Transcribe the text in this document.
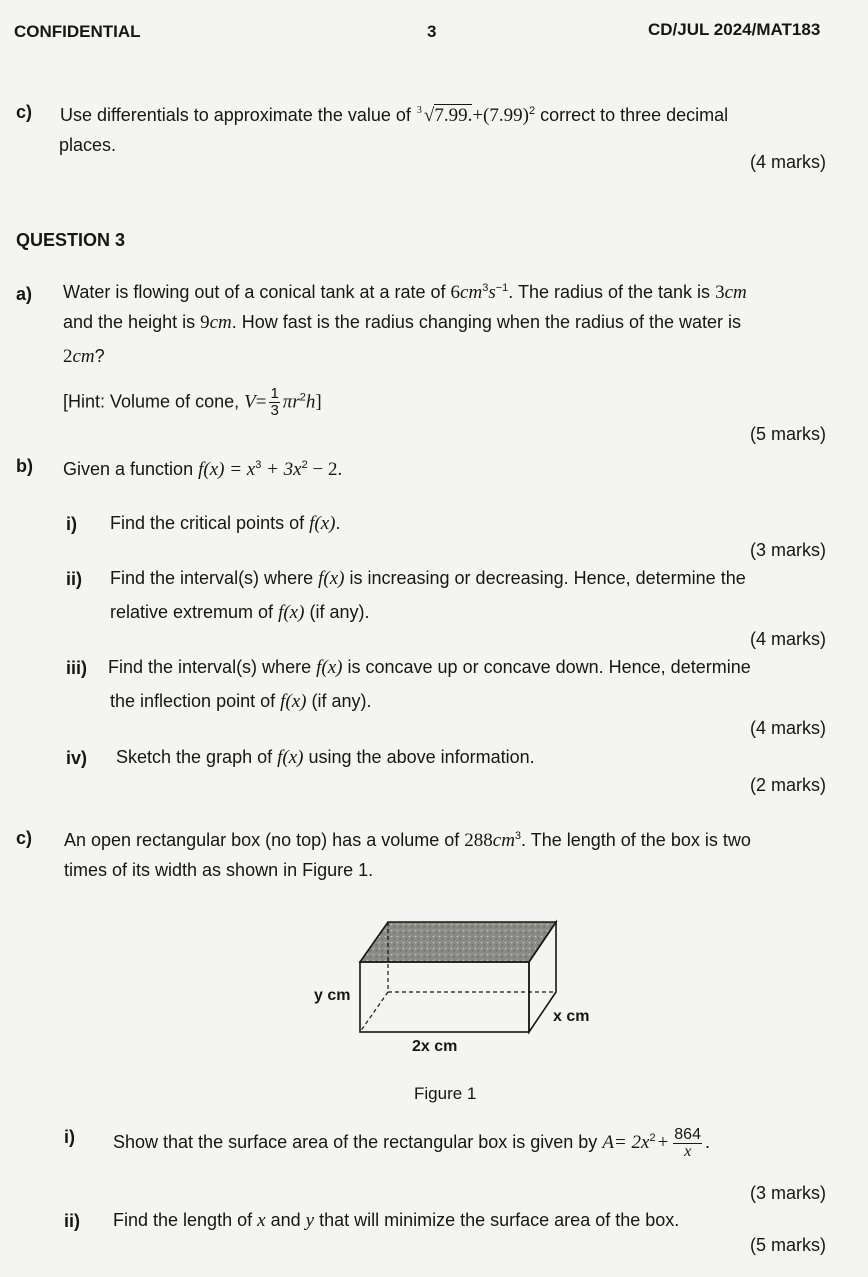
CONFIDENTIAL	3	CD/JUL 2024/MAT183
c) Use differentials to approximate the value of 3 $√7.99.+(7.99)^2$ correct to three decimal
places.
(4 marks)
QUESTION 3
a) Water is flowing out of a conical tank at a rate of $6cm^3s^{-1}$. The radius of the tank is 3cm
and the height is 9cm. How fast is the radius changing when the radius of the water is
2cm?
[Hint: Volume of cone, $V= \frac{1}{3} \pi r^2h$]
(5 marks)
b) Given a function $f(x) = x^3 + 3x^2 - 2$.
i) Find the critical points of f(x).
(3 marks)
ii) Find the interval(s) where f(x) is increasing or decreasing. Hence, determine the
relative extremum of f(x) (if any).
(4 marks)
iii) Find the interval(s) where f(x) is concave up or concave down. Hence, determine
the inflection point of f(x) (if any).
(4 marks)
iv) Sketch the graph of f(x) using the above information.
(2 marks)
c) An open rectangular box (no top) has a volume of $288cm^3$. The length of the box is two
times of its width as shown in Figure 1.
y cm
x cm
2x cm
Figure 1
i) Show that the surface area of the rectangular box is given by $A= 2x^2 + \frac{864}{x}$ .
(3 marks)
ii) Find the length of x and y that will minimize the surface area of the box.
(5 marks)
